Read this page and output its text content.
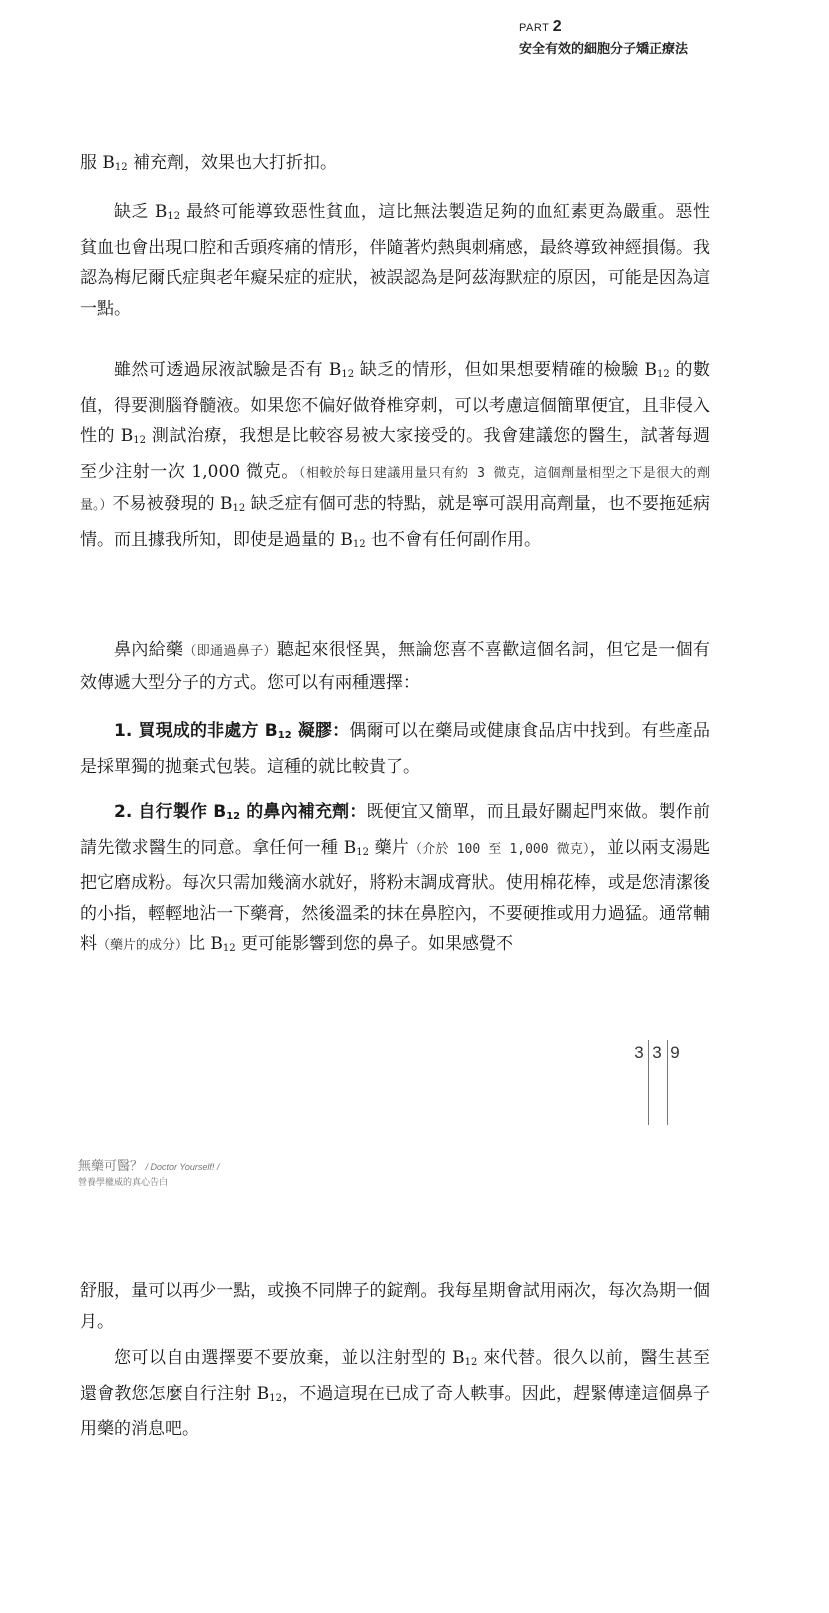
PART 2
安全有效的細胞分子矯正療法

服 $B_{12}$ 補充劑，效果也大打折扣。

缺乏 $B_{12}$ 最終可能導致惡性貧血，這比無法製造足夠的血紅素更為嚴重。惡性貧血也會出現口腔和舌頭疼痛的情形，伴隨著灼熱與刺痛感，最終導致神經損傷。我認為梅尼爾氏症與老年癡呆症的症狀，被誤認為是阿茲海默症的原因，可能是因為這一點。

雖然可透過尿液試驗是否有 $B_{12}$ 缺乏的情形，但如果想要精確的檢驗 $B_{12}$ 的數值，得要測腦脊髓液。如果您不偏好做脊椎穿刺，可以考慮這個簡單便宜，且非侵入性的 $B_{12}$ 測試治療，我想是比較容易被大家接受的。我會建議您的醫生，試著每週至少注射一次 1,000 微克。（相較於每日建議用量只有約 3 微克，這個劑量相型之下是很大的劑量。）不易被發現的 $B_{12}$ 缺乏症有個可悲的特點，就是寧可誤用高劑量，也不要拖延病情。而且據我所知，即使是過量的 $B_{12}$ 也不會有任何副作用。

鼻內給藥（即通過鼻子）聽起來很怪異，無論您喜不喜歡這個名詞，但它是一個有效傳遞大型分子的方式。您可以有兩種選擇：

1. 買現成的非處方 $B_{12}$ 凝膠：偶爾可以在藥局或健康食品店中找到。有些產品是採單獨的拋棄式包裝。這種的就比較貴了。

2. 自行製作 $B_{12}$ 的鼻內補充劑：既便宜又簡單，而且最好關起門來做。製作前請先徵求醫生的同意。拿任何一種 $B_{12}$ 藥片（介於 100 至 1,000 微克），並以兩支湯匙把它磨成粉。每次只需加幾滴水就好，將粉末調成膏狀。使用棉花棒，或是您清潔後的小指，輕輕地沾一下藥膏，然後溫柔的抹在鼻腔內，不要硬推或用力過猛。通常輔料（藥片的成分）比 $B_{12}$ 更可能影響到您的鼻子。如果感覺不

3 3 9
無藥可醫？ / Doctor Yourself! /
營養學權威的真心告白

舒服，量可以再少一點，或換不同牌子的錠劑。我每星期會試用兩次，每次為期一個月。

您可以自由選擇要不要放棄，並以注射型的 $B_{12}$ 來代替。很久以前，醫生甚至還會教您怎麼自行注射 $B_{12}$，不過這現在已成了奇人軼事。因此，趕緊傳達這個鼻子用藥的消息吧。
